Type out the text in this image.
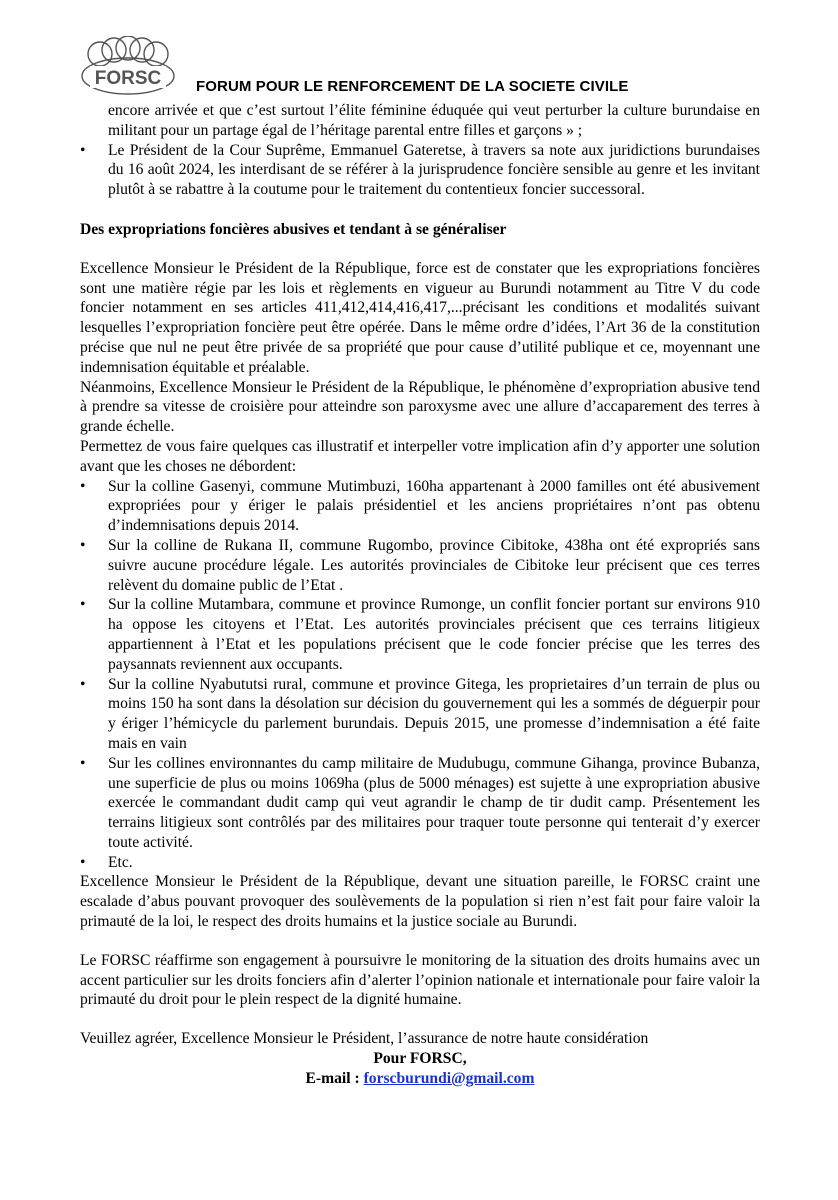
FORSC FORUM POUR LE RENFORCEMENT DE LA SOCIETE CIVILE

encore arrivée et que c’est surtout l’élite féminine éduquée qui veut perturber la culture burundaise en militant pour un partage égal de l’héritage parental entre filles et garçons » ;

• Le Président de la Cour Suprême, Emmanuel Gateretse, à travers sa note aux juridictions burundaises du 16 août 2024, les interdisant de se référer à la jurisprudence foncière sensible au genre et les invitant plutôt à se rabattre à la coutume pour le traitement du contentieux foncier successoral.

Des expropriations foncières abusives et tendant à se généraliser

Excellence Monsieur le Président de la République, force est de constater que les expropriations foncières sont une matière régie par les lois et règlements en vigueur au Burundi notamment au Titre V du code foncier notamment en ses articles 411,412,414,416,417,...précisant les conditions et modalités suivant lesquelles l’expropriation foncière peut être opérée. Dans le même ordre d’idées, l’Art 36 de la constitution précise que nul ne peut être privée de sa propriété que pour cause d’utilité publique et ce, moyennant une indemnisation équitable et préalable.

Néanmoins, Excellence Monsieur le Président de la République, le phénomène d’expropriation abusive tend à prendre sa vitesse de croisière pour atteindre son paroxysme avec une allure d’accaparement des terres à grande échelle.

Permettez de vous faire quelques cas illustratif et interpeller votre implication afin d’y apporter une solution avant que les choses ne débordent:

• Sur la colline Gasenyi, commune Mutimbuzi, 160ha appartenant à 2000 familles ont été abusivement expropriées pour y ériger le palais présidentiel et les anciens propriétaires n’ont pas obtenu d’indemnisations depuis 2014.
• Sur la colline de Rukana II, commune Rugombo, province Cibitoke, 438ha ont été expropriés sans suivre aucune procédure légale. Les autorités provinciales de Cibitoke leur précisent que ces terres relèvent du domaine public de l’Etat .
• Sur la colline Mutambara, commune et province Rumonge, un conflit foncier portant sur environs 910 ha oppose les citoyens et l’Etat. Les autorités provinciales précisent que ces terrains litigieux appartiennent à l’Etat et les populations précisent que le code foncier précise que les terres des paysannats reviennent aux occupants.
• Sur la colline Nyabututsi rural, commune et province Gitega, les proprietaires d’un terrain de plus ou moins 150 ha sont dans la désolation sur décision du gouvernement qui les a sommés de déguerpir pour y ériger l’hémicycle du parlement burundais. Depuis 2015, une promesse d’indemnisation a été faite mais en vain
• Sur les collines environnantes du camp militaire de Mudubugu, commune Gihanga, province Bubanza, une superficie de plus ou moins 1069ha (plus de 5000 ménages) est sujette à une expropriation abusive exercée le commandant dudit camp qui veut agrandir le champ de tir dudit camp. Présentement les terrains litigieux sont contrôlés par des militaires pour traquer toute personne qui tenterait d’y exercer toute activité.
• Etc.

Excellence Monsieur le Président de la République, devant une situation pareille, le FORSC craint une escalade d’abus pouvant provoquer des soulèvements de la population si rien n’est fait pour faire valoir la primauté de la loi, le respect des droits humains et la justice sociale au Burundi.

Le FORSC réaffirme son engagement à poursuivre le monitoring de la situation des droits humains avec un accent particulier sur les droits fonciers afin d’alerter l’opinion nationale et internationale pour faire valoir la primauté du droit pour le plein respect de la dignité humaine.

Veuillez agréer, Excellence Monsieur le Président, l’assurance de notre haute considération

Pour FORSC,
E-mail : forscburundi@gmail.com
